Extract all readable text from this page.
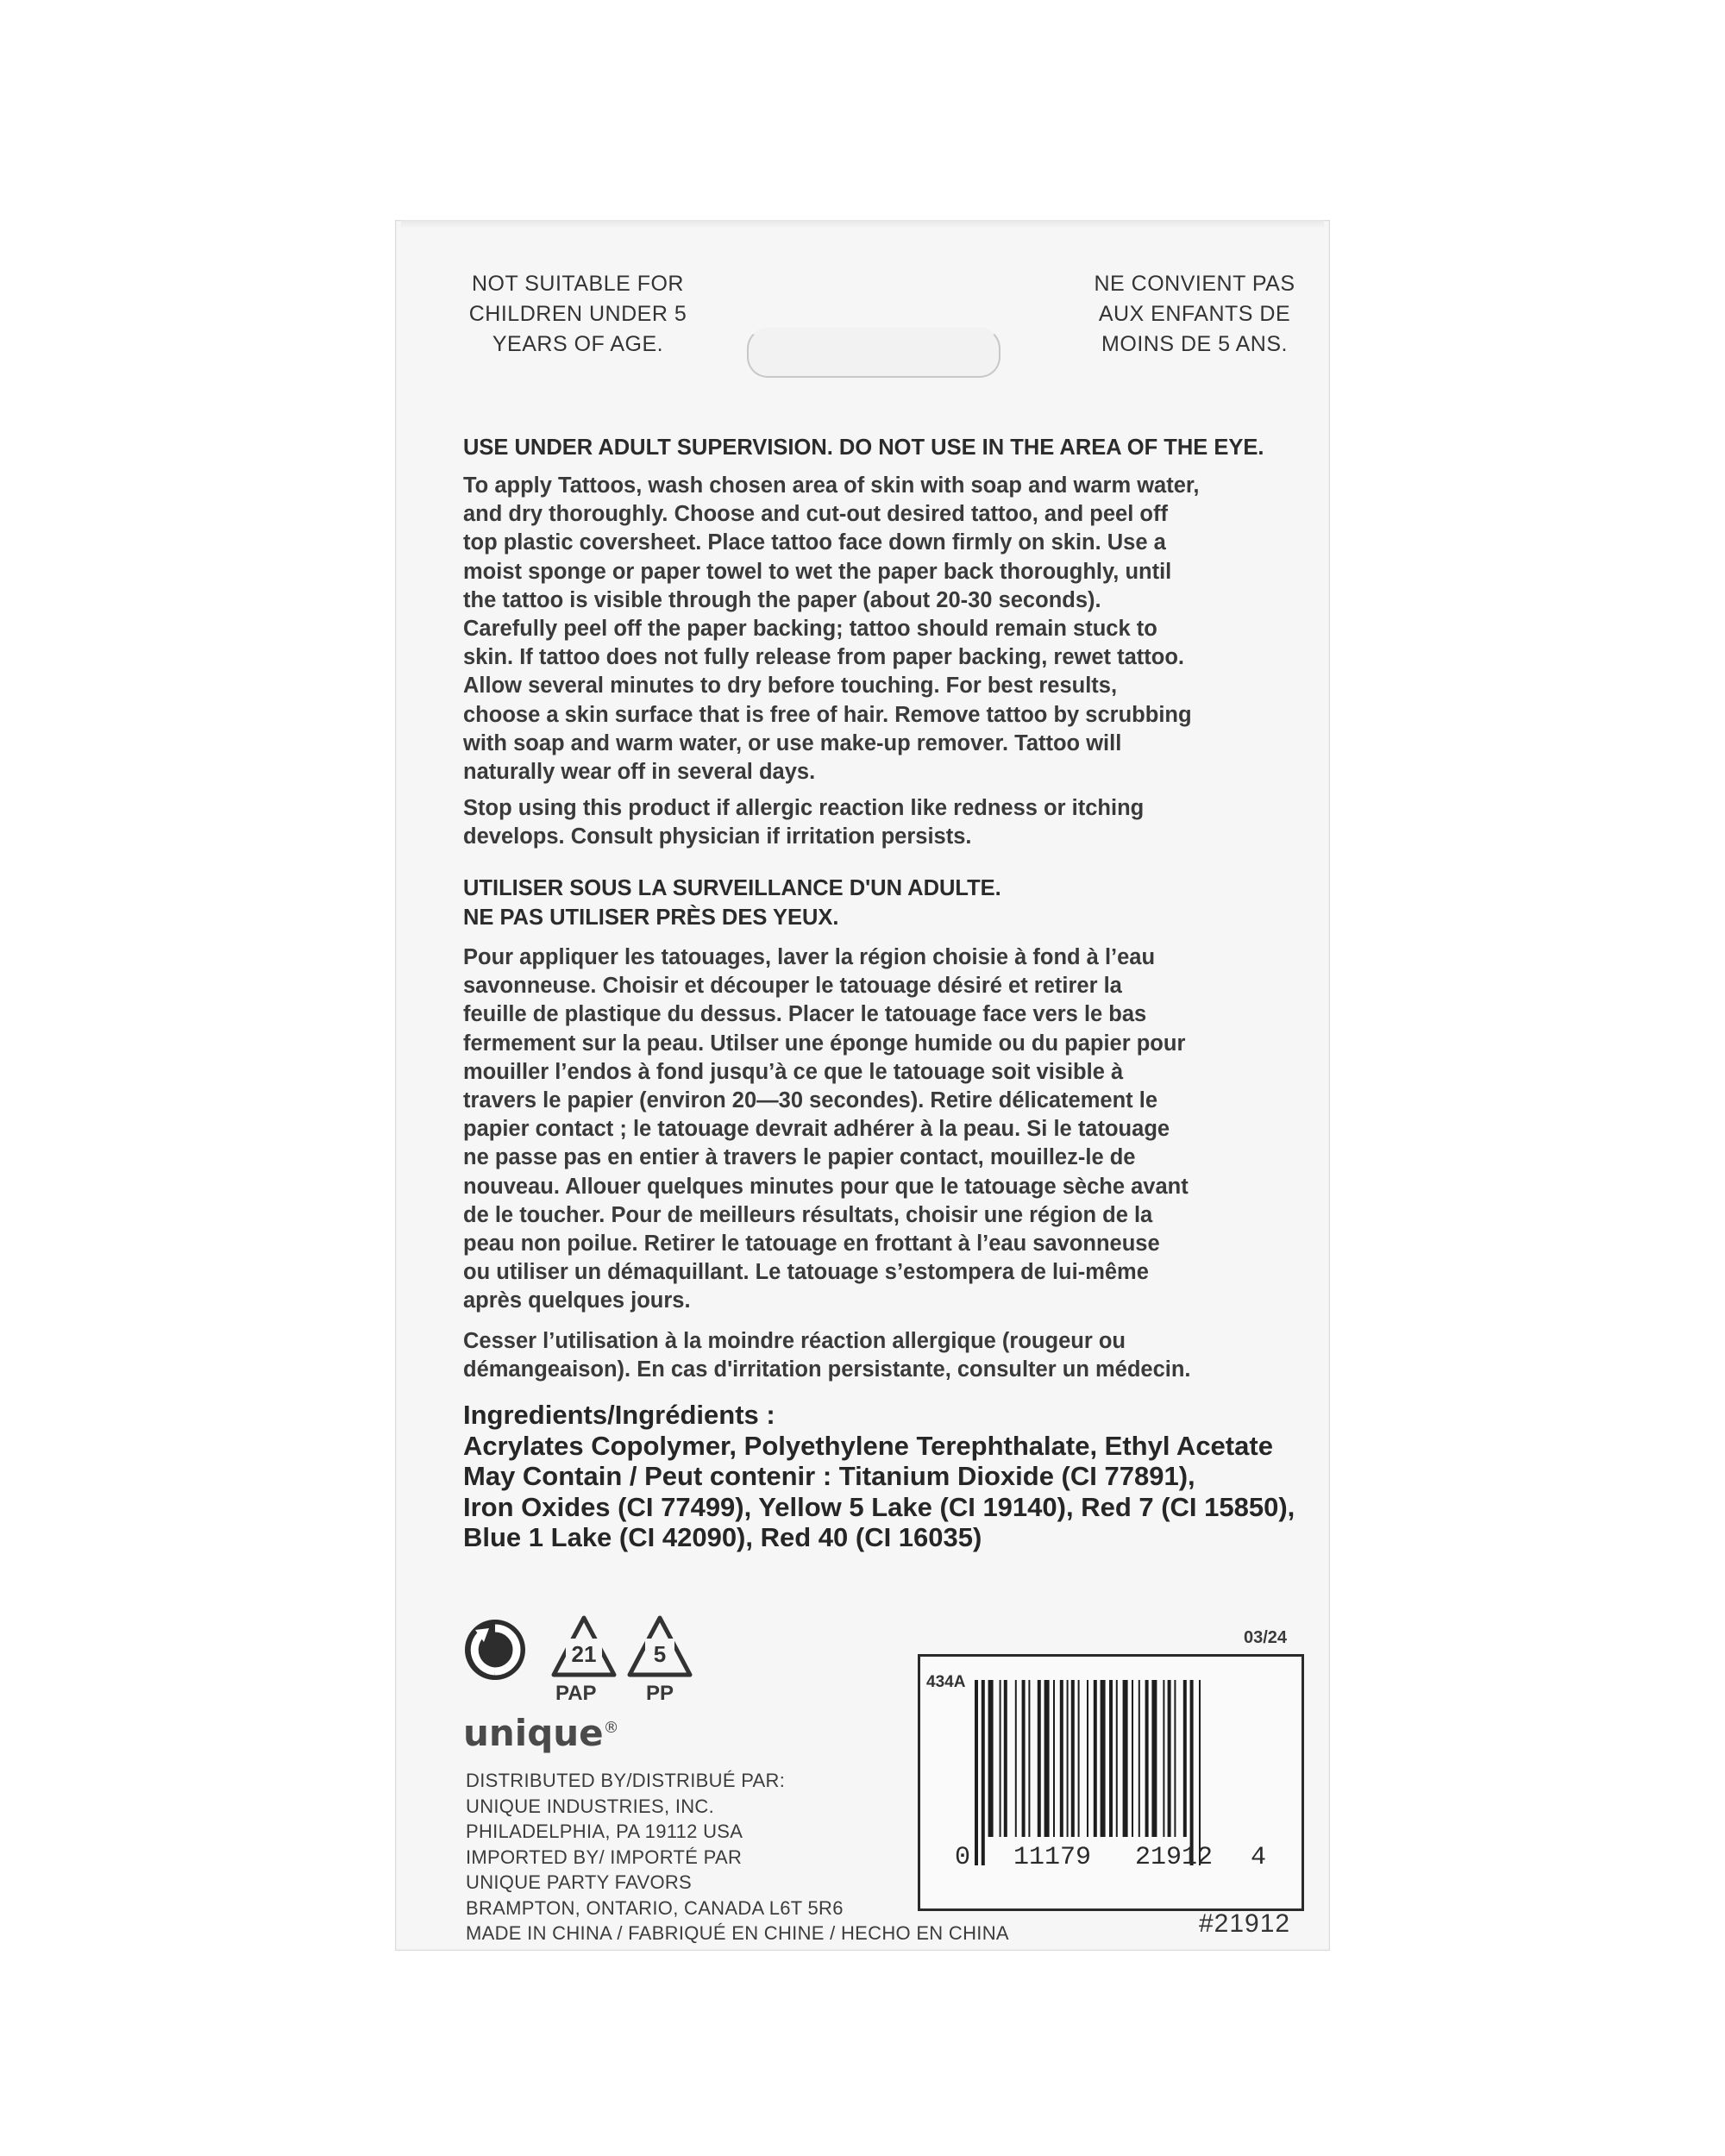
NOT SUITABLE FOR
CHILDREN UNDER 5
YEARS OF AGE.
NE CONVIENT PAS
AUX ENFANTS DE
MOINS DE 5 ANS.
USE UNDER ADULT SUPERVISION. DO NOT USE IN THE AREA OF THE EYE.
To apply Tattoos, wash chosen area of skin with soap and warm water,
and dry thoroughly. Choose and cut-out desired tattoo, and peel off
top plastic coversheet. Place tattoo face down firmly on skin. Use a
moist sponge or paper towel to wet the paper back thoroughly, until
the tattoo is visible through the paper (about 20-30 seconds).
Carefully peel off the paper backing; tattoo should remain stuck to
skin. If tattoo does not fully release from paper backing, rewet tattoo.
Allow several minutes to dry before touching. For best results,
choose a skin surface that is free of hair. Remove tattoo by scrubbing
with soap and warm water, or use make-up remover. Tattoo will
naturally wear off in several days.
Stop using this product if allergic reaction like redness or itching
develops. Consult physician if irritation persists.
UTILISER SOUS LA SURVEILLANCE D'UN ADULTE.
NE PAS UTILISER PRÈS DES YEUX.
Pour appliquer les tatouages, laver la région choisie à fond à l’eau
savonneuse. Choisir et découper le tatouage désiré et retirer la
feuille de plastique du dessus. Placer le tatouage face vers le bas
fermement sur la peau. Utilser une éponge humide ou du papier pour
mouiller l’endos à fond jusqu’à ce que le tatouage soit visible à
travers le papier (environ 20—30 secondes). Retire délicatement le
papier contact ; le tatouage devrait adhérer à la peau. Si le tatouage
ne passe pas en entier à travers le papier contact, mouillez-le de
nouveau. Allouer quelques minutes pour que le tatouage sèche avant
de le toucher. Pour de meilleurs résultats, choisir une région de la
peau non poilue. Retirer le tatouage en frottant à l’eau savonneuse
ou utiliser un démaquillant. Le tatouage s’estompera de lui-même
après quelques jours.
Cesser l’utilisation à la moindre réaction allergique (rougeur ou
démangeaison). En cas d'irritation persistante, consulter un médecin.
Ingredients/Ingrédients :
Acrylates Copolymer, Polyethylene Terephthalate, Ethyl Acetate
May Contain / Peut contenir : Titanium Dioxide (CI 77891),
Iron Oxides (CI 77499), Yellow 5 Lake (CI 19140), Red 7 (CI 15850),
Blue 1 Lake (CI 42090), Red 40 (CI 16035)
21
PAP
5
PP
unique®
DISTRIBUTED BY/DISTRIBUÉ PAR:
UNIQUE INDUSTRIES, INC.
PHILADELPHIA, PA 19112 USA
IMPORTED BY/ IMPORTÉ PAR
UNIQUE PARTY FAVORS
BRAMPTON, ONTARIO, CANADA L6T 5R6
MADE IN CHINA / FABRIQUÉ EN CHINE / HECHO EN CHINA
03/24
434A
0 11179 21912 4
#21912
